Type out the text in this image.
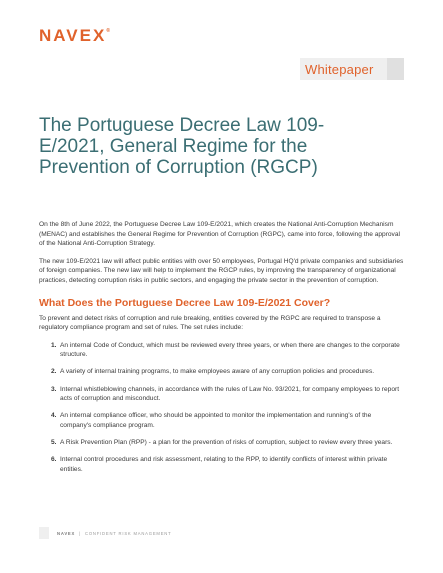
NAVEX®
Whitepaper
The Portuguese Decree Law 109-E/2021, General Regime for the Prevention of Corruption (RGCP)

On the 8th of June 2022, the Portuguese Decree Law 109-E/2021, which creates the National Anti-Corruption Mechanism (MENAC) and establishes the General Regime for Prevention of Corruption (RGPC), came into force, following the approval of the National Anti-Corruption Strategy.

The new 109-E/2021 law will affect public entities with over 50 employees, Portugal HQ'd private companies and subsidiaries of foreign companies. The new law will help to implement the RGCP rules, by improving the transparency of organizational practices, detecting corruption risks in public sectors, and engaging the private sector in the prevention of corruption.

What Does the Portuguese Decree Law 109-E/2021 Cover?

To prevent and detect risks of corruption and rule breaking, entities covered by the RGPC are required to transpose a regulatory compliance program and set of rules. The set rules include:

1. An internal Code of Conduct, which must be reviewed every three years, or when there are changes to the corporate structure.
2. A variety of internal training programs, to make employees aware of any corruption policies and procedures.
3. Internal whistleblowing channels, in accordance with the rules of Law No. 93/2021, for company employees to report acts of corruption and misconduct.
4. An internal compliance officer, who should be appointed to monitor the implementation and running's of the company's compliance program.
5. A Risk Prevention Plan (RPP) - a plan for the prevention of risks of corruption, subject to review every three years.
6. Internal control procedures and risk assessment, relating to the RPP, to identify conflicts of interest within private entities.
NAVEX | CONFIDENT RISK MANAGEMENT
